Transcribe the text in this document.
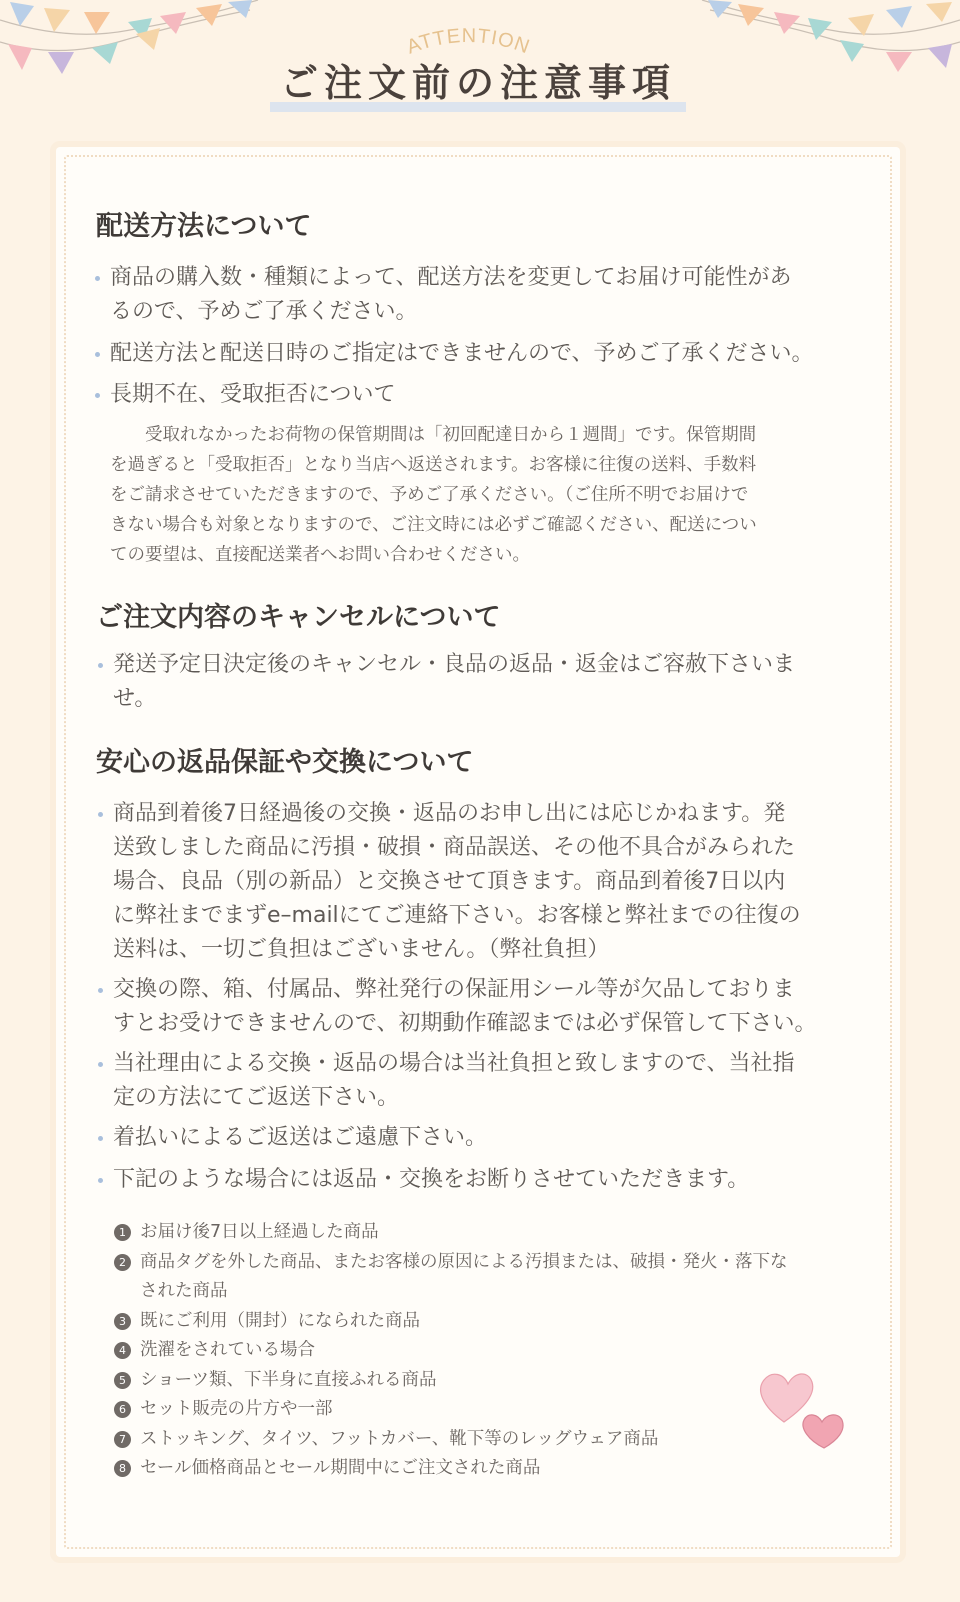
ATTENTION
ご注文前の注意事項
配送方法について
商品の購入数・種類によって、配送方法を変更してお届け可能性があ
るので、予めご了承ください。
配送方法と配送日時のご指定はできませんので、予めご了承ください。
長期不在、受取拒否について
　　受取れなかったお荷物の保管期間は「初回配達日から１週間」です。保管期間
を過ぎると「受取拒否」となり当店へ返送されます。お客様に往復の送料、手数料
をご請求させていただきますので、予めご了承ください。（ご住所不明でお届けで
きない場合も対象となりますので、ご注文時には必ずご確認ください、配送につい
ての要望は、直接配送業者へお問い合わせください。
ご注文内容のキャンセルについて
発送予定日決定後のキャンセル・良品の返品・返金はご容赦下さいま
せ。
安心の返品保証や交換について
商品到着後7日経過後の交換・返品のお申し出には応じかねます。発
送致しました商品に汚損・破損・商品誤送、その他不具合がみられた
場合、良品（別の新品）と交換させて頂きます。商品到着後7日以内
に弊社までまずe–mailにてご連絡下さい。お客様と弊社までの往復の
送料は、一切ご負担はございません。（弊社負担）
交換の際、箱、付属品、弊社発行の保証用シール等が欠品しておりま
すとお受けできませんので、初期動作確認までは必ず保管して下さい。
当社理由による交換・返品の場合は当社負担と致しますので、当社指
定の方法にてご返送下さい。
着払いによるご返送はご遠慮下さい。
下記のような場合には返品・交換をお断りさせていただきます。
1 お届け後7日以上経過した商品
2 商品タグを外した商品、またお客様の原因による汚損または、破損・発火・落下な
された商品
3 既にご利用（開封）になられた商品
4 洗濯をされている場合
5 ショーツ類、下半身に直接ふれる商品
6 セット販売の片方や一部
7 ストッキング、タイツ、フットカバー、靴下等のレッグウェア商品
8 セール価格商品とセール期間中にご注文された商品
